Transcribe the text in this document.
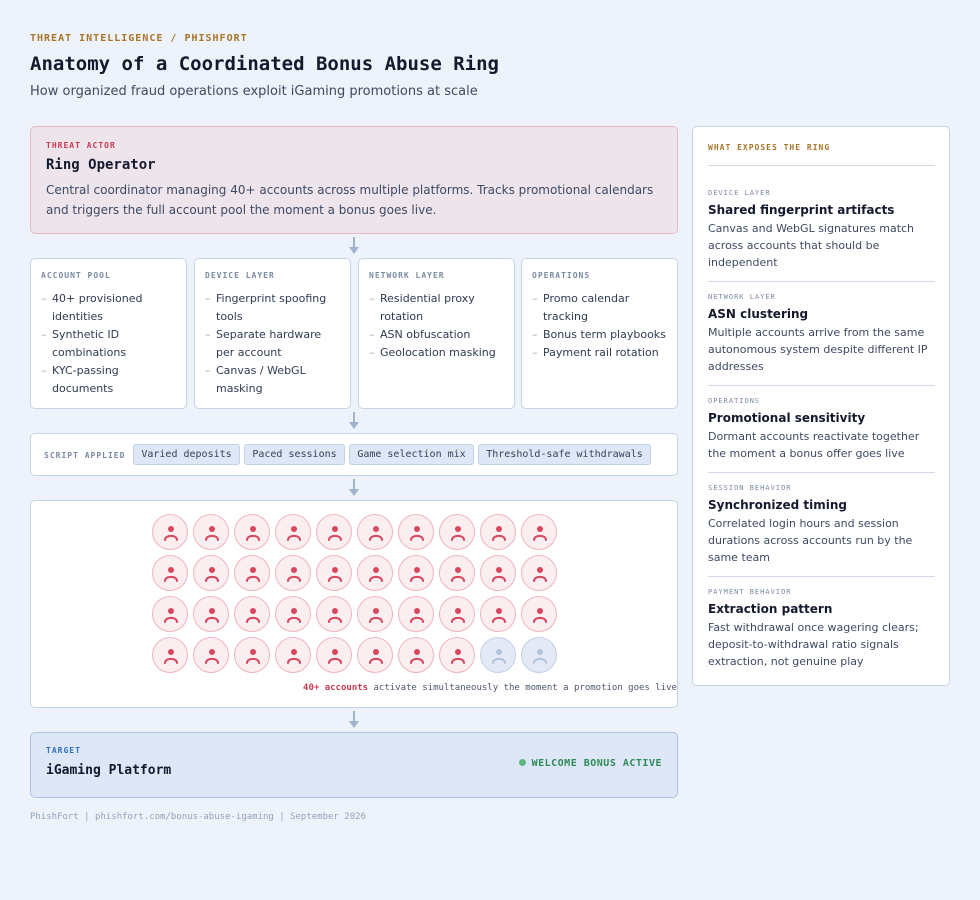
THREAT INTELLIGENCE / PHISHFORT
Anatomy of a Coordinated Bonus Abuse Ring
How organized fraud operations exploit iGaming promotions at scale
THREAT ACTOR
Ring Operator

Central coordinator managing 40+ accounts across multiple platforms. Tracks promotional calendars and triggers the full account pool the moment a bonus goes live.

ACCOUNT POOL
– 40+ provisioned identities
– Synthetic ID combinations
– KYC-passing documents
DEVICE LAYER
– Fingerprint spoofing tools
– Separate hardware per account
– Canvas / WebGL masking
NETWORK LAYER
– Residential proxy rotation
– ASN obfuscation
– Geolocation masking
OPERATIONS
– Promo calendar tracking
– Bonus term playbooks
– Payment rail rotation
SCRIPT APPLIED	Varied deposits	Paced sessions	Game selection mix	Threshold-safe withdrawals
40+ accounts activate simultaneously the moment a promotion goes live
TARGET
iGaming Platform	WELCOME BONUS ACTIVE
PhishFort | phishfort.com/bonus-abuse-igaming | September 2026
WHAT EXPOSES THE RING
DEVICE LAYER
Shared fingerprint artifacts

Canvas and WebGL signatures match across accounts that should be independent

NETWORK LAYER
ASN clustering

Multiple accounts arrive from the same autonomous system despite different IP addresses

OPERATIONS
Promotional sensitivity

Dormant accounts reactivate together the moment a bonus offer goes live

SESSION BEHAVIOR
Synchronized timing

Correlated login hours and session durations across accounts run by the same team

PAYMENT BEHAVIOR
Extraction pattern

Fast withdrawal once wagering clears; deposit-to-withdrawal ratio signals extraction, not genuine play
